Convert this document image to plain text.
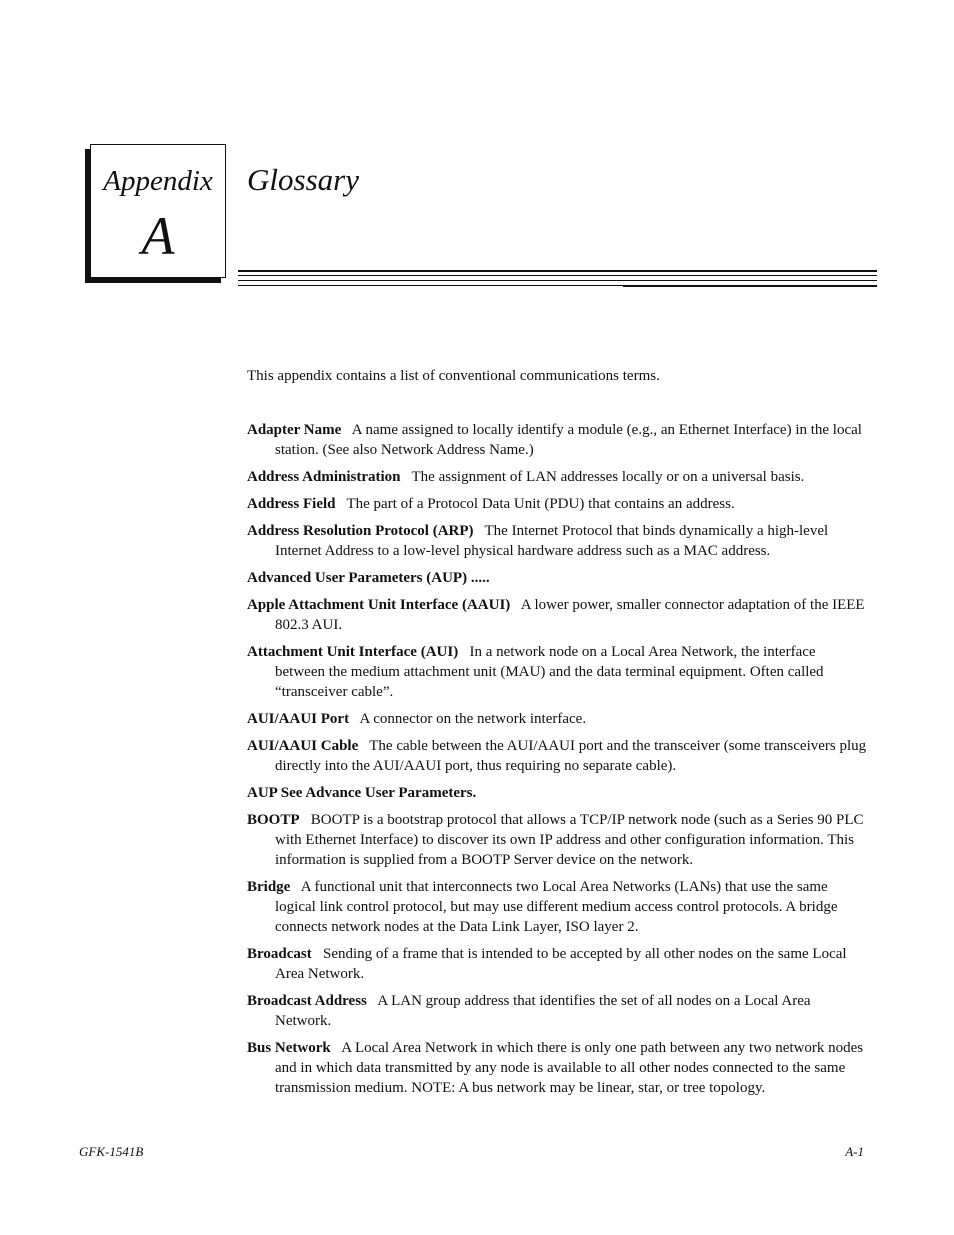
Appendix
A
Glossary
This appendix contains a list of conventional communications terms.

Adapter Name A name assigned to locally identify a module (e.g., an Ethernet Interface) in the local station. (See also Network Address Name.)

Address Administration The assignment of LAN addresses locally or on a universal basis.

Address Field The part of a Protocol Data Unit (PDU) that contains an address.

Address Resolution Protocol (ARP) The Internet Protocol that binds dynamically a high-level Internet Address to a low-level physical hardware address such as a MAC address.

Advanced User Parameters (AUP) .....

Apple Attachment Unit Interface (AAUI) A lower power, smaller connector adaptation of the IEEE 802.3 AUI.

Attachment Unit Interface (AUI) In a network node on a Local Area Network, the interface between the medium attachment unit (MAU) and the data terminal equipment. Often called “transceiver cable”.

AUI/AAUI Port A connector on the network interface.

AUI/AAUI Cable The cable between the AUI/AAUI port and the transceiver (some transceivers plug directly into the AUI/AAUI port, thus requiring no separate cable).

AUP See Advance User Parameters.

BOOTP BOOTP is a bootstrap protocol that allows a TCP/IP network node (such as a Series 90 PLC with Ethernet Interface) to discover its own IP address and other configuration information. This information is supplied from a BOOTP Server device on the network.

Bridge A functional unit that interconnects two Local Area Networks (LANs) that use the same logical link control protocol, but may use different medium access control protocols. A bridge connects network nodes at the Data Link Layer, ISO layer 2.

Broadcast Sending of a frame that is intended to be accepted by all other nodes on the same Local Area Network.

Broadcast Address A LAN group address that identifies the set of all nodes on a Local Area Network.

Bus Network A Local Area Network in which there is only one path between any two network nodes and in which data transmitted by any node is available to all other nodes connected to the same transmission medium. NOTE: A bus network may be linear, star, or tree topology.

GFK-1541B	A-1
